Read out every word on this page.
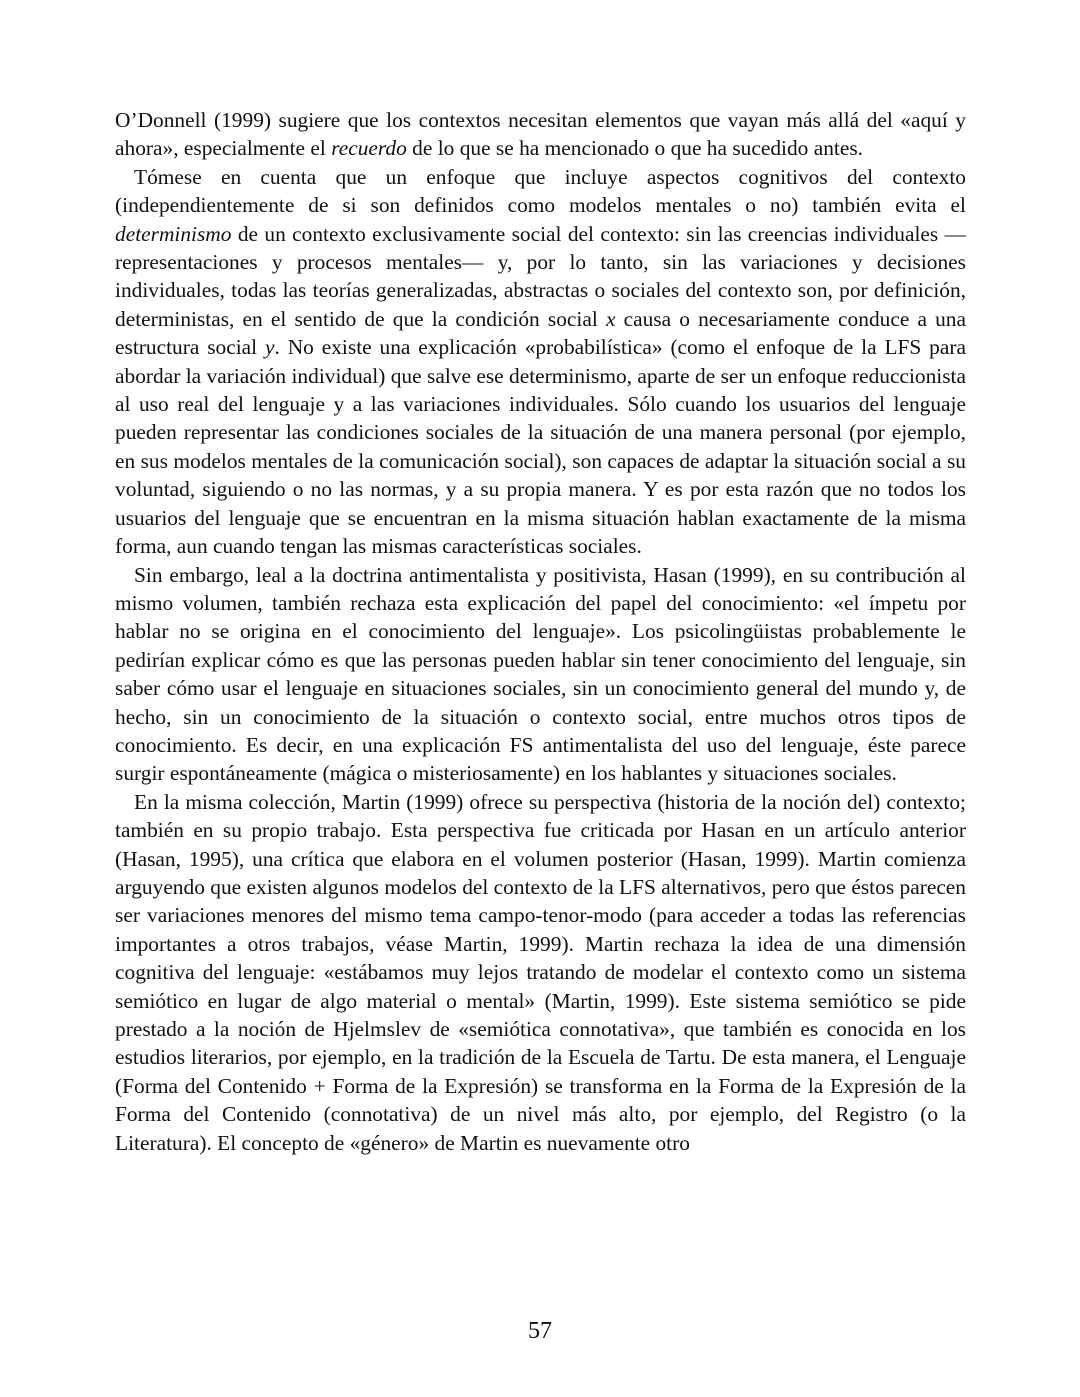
O’Donnell (1999) sugiere que los contextos necesitan elementos que vayan más allá del «aquí y ahora», especialmente el recuerdo de lo que se ha mencionado o que ha sucedido antes.

Tómese en cuenta que un enfoque que incluye aspectos cognitivos del contexto (independientemente de si son definidos como modelos mentales o no) también evita el determinismo de un contexto exclusivamente social del contexto: sin las creencias individuales —representaciones y procesos mentales— y, por lo tanto, sin las variaciones y decisiones individuales, todas las teorías generalizadas, abstractas o sociales del contexto son, por definición, deterministas, en el sentido de que la condición social x causa o necesariamente conduce a una estructura social y. No existe una explicación «probabilística» (como el enfoque de la LFS para abordar la variación individual) que salve ese determinismo, aparte de ser un enfoque reduccionista al uso real del lenguaje y a las variaciones individuales. Sólo cuando los usuarios del lenguaje pueden representar las condiciones sociales de la situación de una manera personal (por ejemplo, en sus modelos mentales de la comunicación social), son capaces de adaptar la situación social a su voluntad, siguiendo o no las normas, y a su propia manera. Y es por esta razón que no todos los usuarios del lenguaje que se encuentran en la misma situación hablan exactamente de la misma forma, aun cuando tengan las mismas características sociales.

Sin embargo, leal a la doctrina antimentalista y positivista, Hasan (1999), en su contribución al mismo volumen, también rechaza esta explicación del papel del conocimiento: «el ímpetu por hablar no se origina en el conocimiento del lenguaje». Los psicolingüistas probablemente le pedirían explicar cómo es que las personas pueden hablar sin tener conocimiento del lenguaje, sin saber cómo usar el lenguaje en situaciones sociales, sin un conocimiento general del mundo y, de hecho, sin un conocimiento de la situación o contexto social, entre muchos otros tipos de conocimiento. Es decir, en una explicación FS antimentalista del uso del lenguaje, éste parece surgir espontáneamente (mágica o misteriosamente) en los hablantes y situaciones sociales.

En la misma colección, Martin (1999) ofrece su perspectiva (historia de la noción del) contexto; también en su propio trabajo. Esta perspectiva fue criticada por Hasan en un artículo anterior (Hasan, 1995), una crítica que elabora en el volumen posterior (Hasan, 1999). Martin comienza arguyendo que existen algunos modelos del contexto de la LFS alternativos, pero que éstos parecen ser variaciones menores del mismo tema campo-tenor-modo (para acceder a todas las referencias importantes a otros trabajos, véase Martin, 1999). Martin rechaza la idea de una dimensión cognitiva del lenguaje: «estábamos muy lejos tratando de modelar el contexto como un sistema semiótico en lugar de algo material o mental» (Martin, 1999). Este sistema semiótico se pide prestado a la noción de Hjelmslev de «semiótica connotativa», que también es conocida en los estudios literarios, por ejemplo, en la tradición de la Escuela de Tartu. De esta manera, el Lenguaje (Forma del Contenido + Forma de la Expresión) se transforma en la Forma de la Expresión de la Forma del Contenido (connotativa) de un nivel más alto, por ejemplo, del Registro (o la Literatura). El concepto de «género» de Martin es nuevamente otro

57
